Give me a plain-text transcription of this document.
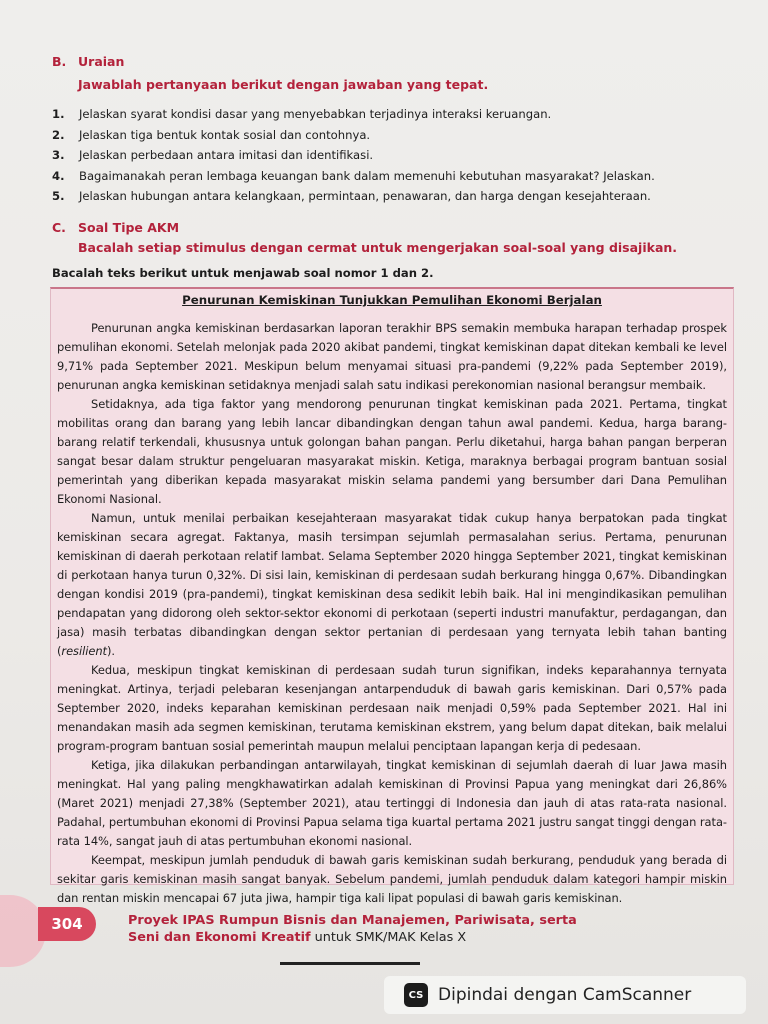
B. Uraian
Jawablah pertanyaan berikut dengan jawaban yang tepat.
1.	Jelaskan syarat kondisi dasar yang menyebabkan terjadinya interaksi keruangan.
2.	Jelaskan tiga bentuk kontak sosial dan contohnya.
3.	Jelaskan perbedaan antara imitasi dan identifikasi.
4.	Bagaimanakah peran lembaga keuangan bank dalam memenuhi kebutuhan masyarakat? Jelaskan.
5.	Jelaskan hubungan antara kelangkaan, permintaan, penawaran, dan harga dengan kesejahteraan.
C. Soal Tipe AKM
Bacalah setiap stimulus dengan cermat untuk mengerjakan soal-soal yang disajikan.
Bacalah teks berikut untuk menjawab soal nomor 1 dan 2.
Penurunan Kemiskinan Tunjukkan Pemulihan Ekonomi Berjalan

Penurunan angka kemiskinan berdasarkan laporan terakhir BPS semakin membuka harapan terhadap prospek pemulihan ekonomi. Setelah melonjak pada 2020 akibat pandemi, tingkat kemiskinan dapat ditekan kembali ke level 9,71% pada September 2021. Meskipun belum menyamai situasi pra-pandemi (9,22% pada September 2019), penurunan angka kemiskinan setidaknya menjadi salah satu indikasi perekonomian nasional berangsur membaik.

Setidaknya, ada tiga faktor yang mendorong penurunan tingkat kemiskinan pada 2021. Pertama, tingkat mobilitas orang dan barang yang lebih lancar dibandingkan dengan tahun awal pandemi. Kedua, harga barang-barang relatif terkendali, khususnya untuk golongan bahan pangan. Perlu diketahui, harga bahan pangan berperan sangat besar dalam struktur pengeluaran masyarakat miskin. Ketiga, maraknya berbagai program bantuan sosial pemerintah yang diberikan kepada masyarakat miskin selama pandemi yang bersumber dari Dana Pemulihan Ekonomi Nasional.

Namun, untuk menilai perbaikan kesejahteraan masyarakat tidak cukup hanya berpatokan pada tingkat kemiskinan secara agregat. Faktanya, masih tersimpan sejumlah permasalahan serius. Pertama, penurunan kemiskinan di daerah perkotaan relatif lambat. Selama September 2020 hingga September 2021, tingkat kemiskinan di perkotaan hanya turun 0,32%. Di sisi lain, kemiskinan di perdesaan sudah berkurang hingga 0,67%. Dibandingkan dengan kondisi 2019 (pra-pandemi), tingkat kemiskinan desa sedikit lebih baik. Hal ini mengindikasikan pemulihan pendapatan yang didorong oleh sektor-sektor ekonomi di perkotaan (seperti industri manufaktur, perdagangan, dan jasa) masih terbatas dibandingkan dengan sektor pertanian di perdesaan yang ternyata lebih tahan banting (resilient).

Kedua, meskipun tingkat kemiskinan di perdesaan sudah turun signifikan, indeks keparahannya ternyata meningkat. Artinya, terjadi pelebaran kesenjangan antarpenduduk di bawah garis kemiskinan. Dari 0,57% pada September 2020, indeks keparahan kemiskinan perdesaan naik menjadi 0,59% pada September 2021. Hal ini menandakan masih ada segmen kemiskinan, terutama kemiskinan ekstrem, yang belum dapat ditekan, baik melalui program-program bantuan sosial pemerintah maupun melalui penciptaan lapangan kerja di pedesaan.

Ketiga, jika dilakukan perbandingan antarwilayah, tingkat kemiskinan di sejumlah daerah di luar Jawa masih meningkat. Hal yang paling mengkhawatirkan adalah kemiskinan di Provinsi Papua yang meningkat dari 26,86% (Maret 2021) menjadi 27,38% (September 2021), atau tertinggi di Indonesia dan jauh di atas rata-rata nasional. Padahal, pertumbuhan ekonomi di Provinsi Papua selama tiga kuartal pertama 2021 justru sangat tinggi dengan rata-rata 14%, sangat jauh di atas pertumbuhan ekonomi nasional.

Keempat, meskipun jumlah penduduk di bawah garis kemiskinan sudah berkurang, penduduk yang berada di sekitar garis kemiskinan masih sangat banyak. Sebelum pandemi, jumlah penduduk dalam kategori hampir miskin dan rentan miskin mencapai 67 juta jiwa, hampir tiga kali lipat populasi di bawah garis kemiskinan.

304	Proyek IPAS Rumpun Bisnis dan Manajemen, Pariwisata, serta
Seni dan Ekonomi Kreatif untuk SMK/MAK Kelas X
CS Dipindai dengan CamScanner
